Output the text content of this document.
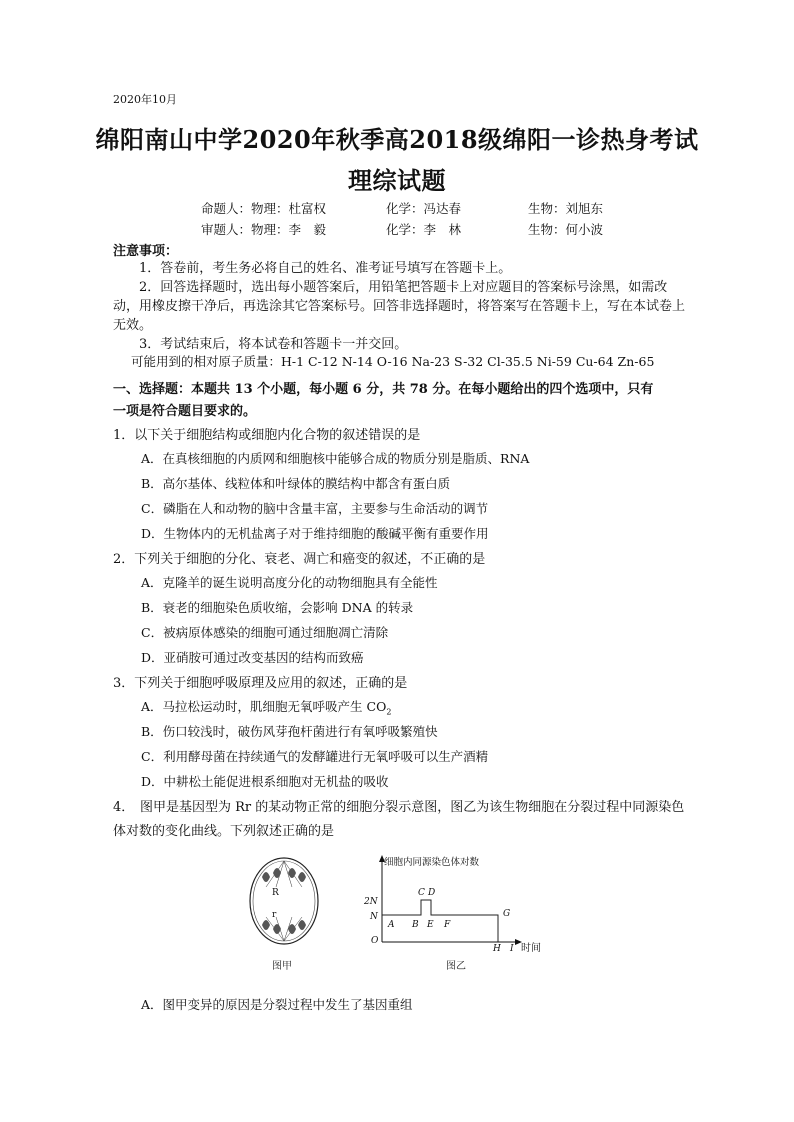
2020年10月
绵阳南山中学2020年秋季高2018级绵阳一诊热身考试
理综试题
命题人：物理：杜富权	化学：冯达春	生物：刘旭东
审题人：物理：李　毅	化学：李　林	生物：何小波
注意事项：
1．答卷前，考生务必将自己的姓名、准考证号填写在答题卡上。
2．回答选择题时，选出每小题答案后，用铅笔把答题卡上对应题目的答案标号涂黑，如需改动，用橡皮擦干净后，再选涂其它答案标号。回答非选择题时，将答案写在答题卡上，写在本试卷上无效。
3．考试结束后，将本试卷和答题卡一并交回。
可能用到的相对原子质量：H-1 C-12 N-14 O-16 Na-23 S-32 Cl-35.5 Ni-59 Cu-64 Zn-65
一、选择题：本题共 13 个小题，每小题 6 分，共 78 分。在每小题给出的四个选项中，只有
一项是符合题目要求的。
1．以下关于细胞结构或细胞内化合物的叙述错误的是
A．在真核细胞的内质网和细胞核中能够合成的物质分别是脂质、RNA
B．高尔基体、线粒体和叶绿体的膜结构中都含有蛋白质
C．磷脂在人和动物的脑中含量丰富，主要参与生命活动的调节
D．生物体内的无机盐离子对于维持细胞的酸碱平衡有重要作用
2．下列关于细胞的分化、衰老、凋亡和癌变的叙述，不正确的是
A．克隆羊的诞生说明高度分化的动物细胞具有全能性
B．衰老的细胞染色质收缩，会影响 DNA 的转录
C．被病原体感染的细胞可通过细胞凋亡清除
D．亚硝胺可通过改变基因的结构而致癌
3．下列关于细胞呼吸原理及应用的叙述，正确的是
A．马拉松运动时，肌细胞无氧呼吸产生 $CO_2$
B．伤口较浅时，破伤风芽孢杆菌进行有氧呼吸繁殖快
C．利用酵母菌在持续通气的发酵罐进行无氧呼吸可以生产酒精
D．中耕松土能促进根系细胞对无机盐的吸收
4． 图甲是基因型为 Rr 的某动物正常的细胞分裂示意图，图乙为该生物细胞在分裂过程中同源染色体对数的变化曲线。下列叙述正确的是
R
r
图甲
细胞内同源染色体对数
2N
N
O
时间
A B
C D
E F
G
H I
图乙
A．图甲变异的原因是分裂过程中发生了基因重组
